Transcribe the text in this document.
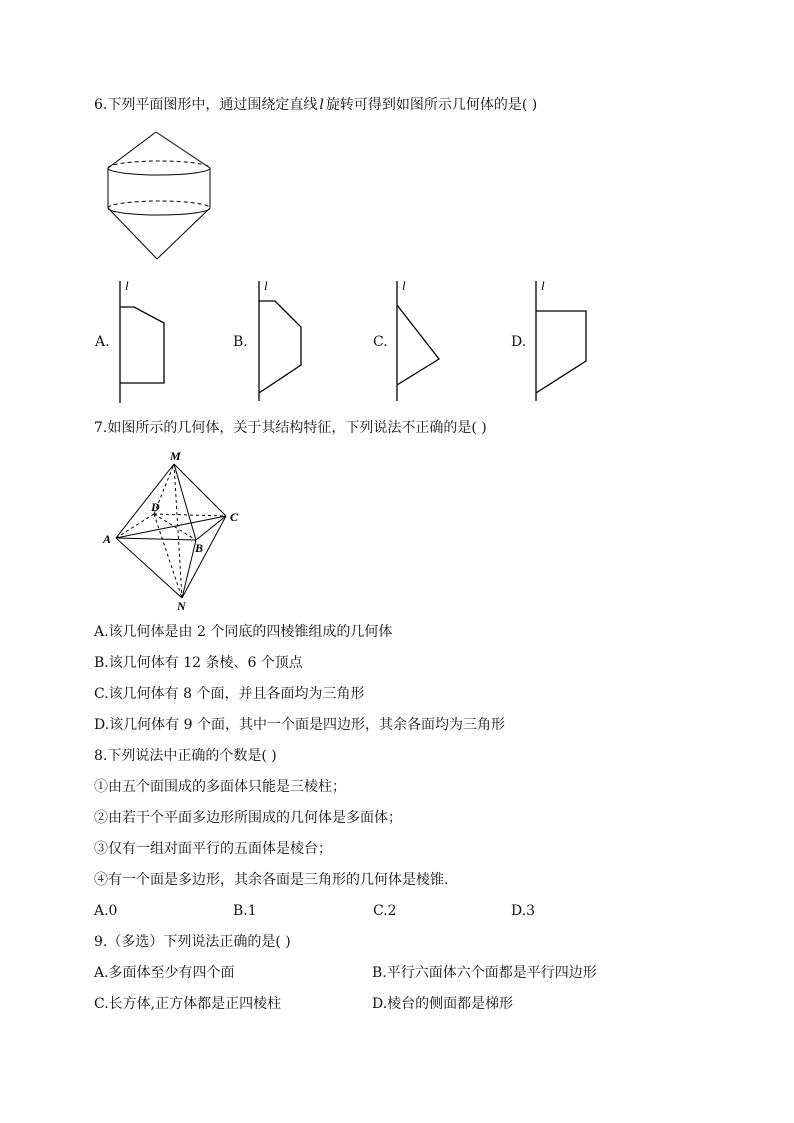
6.下列平面图形中，通过围绕定直线 l 旋转可得到如图所示几何体的是( )
A.
l
B.
l
C.
l
D.
l
7.如图所示的几何体，关于其结构特征，下列说法不正确的是( )
M
D
C
A
B
N
A.该几何体是由 2 个同底的四棱锥组成的几何体
B.该几何体有 12 条棱、6 个顶点
C.该几何体有 8 个面，并且各面均为三角形
D.该几何体有 9 个面，其中一个面是四边形，其余各面均为三角形
8.下列说法中正确的个数是( )
①由五个面围成的多面体只能是三棱柱；
②由若干个平面多边形所围成的几何体是多面体；
③仅有一组对面平行的五面体是棱台；
④有一个面是多边形，其余各面是三角形的几何体是棱锥.
A.0	B.1	C.2	D.3
9.（多选）下列说法正确的是( )
A.多面体至少有四个面	B.平行六面体六个面都是平行四边形
C.长方体,正方体都是正四棱柱	D.棱台的侧面都是梯形
